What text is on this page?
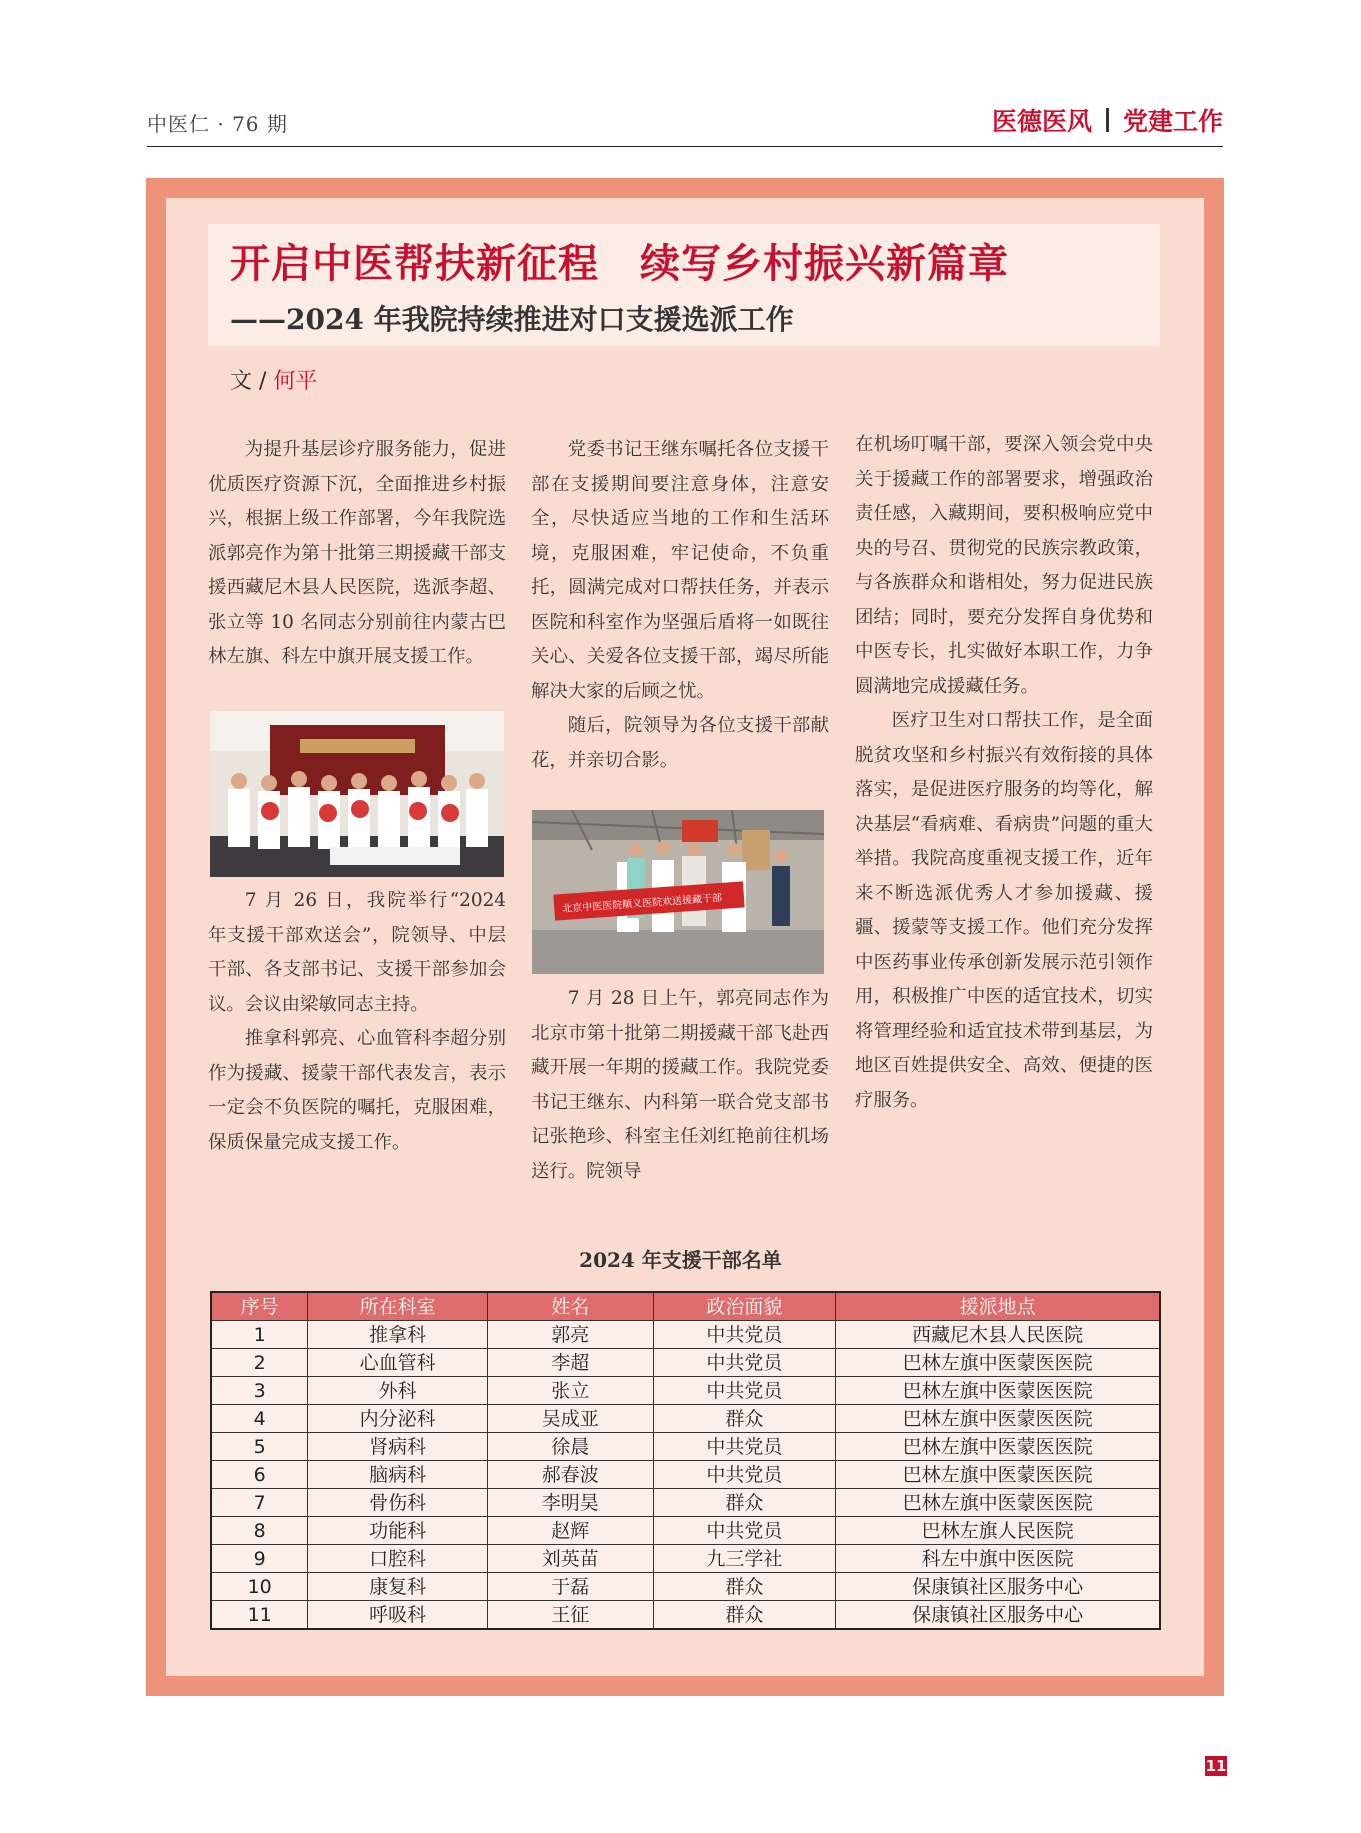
中医仁 · 76 期	医德医风 党建工作
开启中医帮扶新征程　续写乡村振兴新篇章
——2024 年我院持续推进对口支援选派工作
文 / 何平

为提升基层诊疗服务能力，促进优质医疗资源下沉，全面推进乡村振兴，根据上级工作部署，今年我院选派郭亮作为第十批第三期援藏干部支援西藏尼木县人民医院，选派李超、张立等 10 名同志分别前往内蒙古巴林左旗、科左中旗开展支援工作。

7 月 26 日，我院举行“2024 年支援干部欢送会”，院领导、中层干部、各支部书记、支援干部参加会议。会议由梁敏同志主持。

推拿科郭亮、心血管科李超分别作为援藏、援蒙干部代表发言，表示一定会不负医院的嘱托，克服困难，保质保量完成支援工作。

党委书记王继东嘱托各位支援干部在支援期间要注意身体，注意安全，尽快适应当地的工作和生活环境，克服困难，牢记使命，不负重托，圆满完成对口帮扶任务，并表示医院和科室作为坚强后盾将一如既往关心、关爱各位支援干部，竭尽所能解决大家的后顾之忧。

随后，院领导为各位支援干部献花，并亲切合影。

北京中医医院顺义医院欢送援藏干部

7 月 28 日上午，郭亮同志作为北京市第十批第二期援藏干部飞赴西藏开展一年期的援藏工作。我院党委书记王继东、内科第一联合党支部书记张艳珍、科室主任刘红艳前往机场送行。院领导

在机场叮嘱干部，要深入领会党中央关于援藏工作的部署要求，增强政治责任感，入藏期间，要积极响应党中央的号召、贯彻党的民族宗教政策，与各族群众和谐相处，努力促进民族团结；同时，要充分发挥自身优势和中医专长，扎实做好本职工作，力争圆满地完成援藏任务。

医疗卫生对口帮扶工作，是全面脱贫攻坚和乡村振兴有效衔接的具体落实，是促进医疗服务的均等化，解决基层“看病难、看病贵”问题的重大举措。我院高度重视支援工作，近年来不断选派优秀人才参加援藏、援疆、援蒙等支援工作。他们充分发挥中医药事业传承创新发展示范引领作用，积极推广中医的适宜技术，切实将管理经验和适宜技术带到基层，为地区百姓提供安全、高效、便捷的医疗服务。

2024 年支援干部名单
序号	所在科室	姓名	政治面貌	援派地点
1	推拿科	郭亮	中共党员	西藏尼木县人民医院
2	心血管科	李超	中共党员	巴林左旗中医蒙医医院
3	外科	张立	中共党员	巴林左旗中医蒙医医院
4	内分泌科	吴成亚	群众	巴林左旗中医蒙医医院
5	肾病科	徐晨	中共党员	巴林左旗中医蒙医医院
6	脑病科	郝春波	中共党员	巴林左旗中医蒙医医院
7	骨伤科	李明昊	群众	巴林左旗中医蒙医医院
8	功能科	赵辉	中共党员	巴林左旗人民医院
9	口腔科	刘英苗	九三学社	科左中旗中医医院
10	康复科	于磊	群众	保康镇社区服务中心
11	呼吸科	王征	群众	保康镇社区服务中心
11
